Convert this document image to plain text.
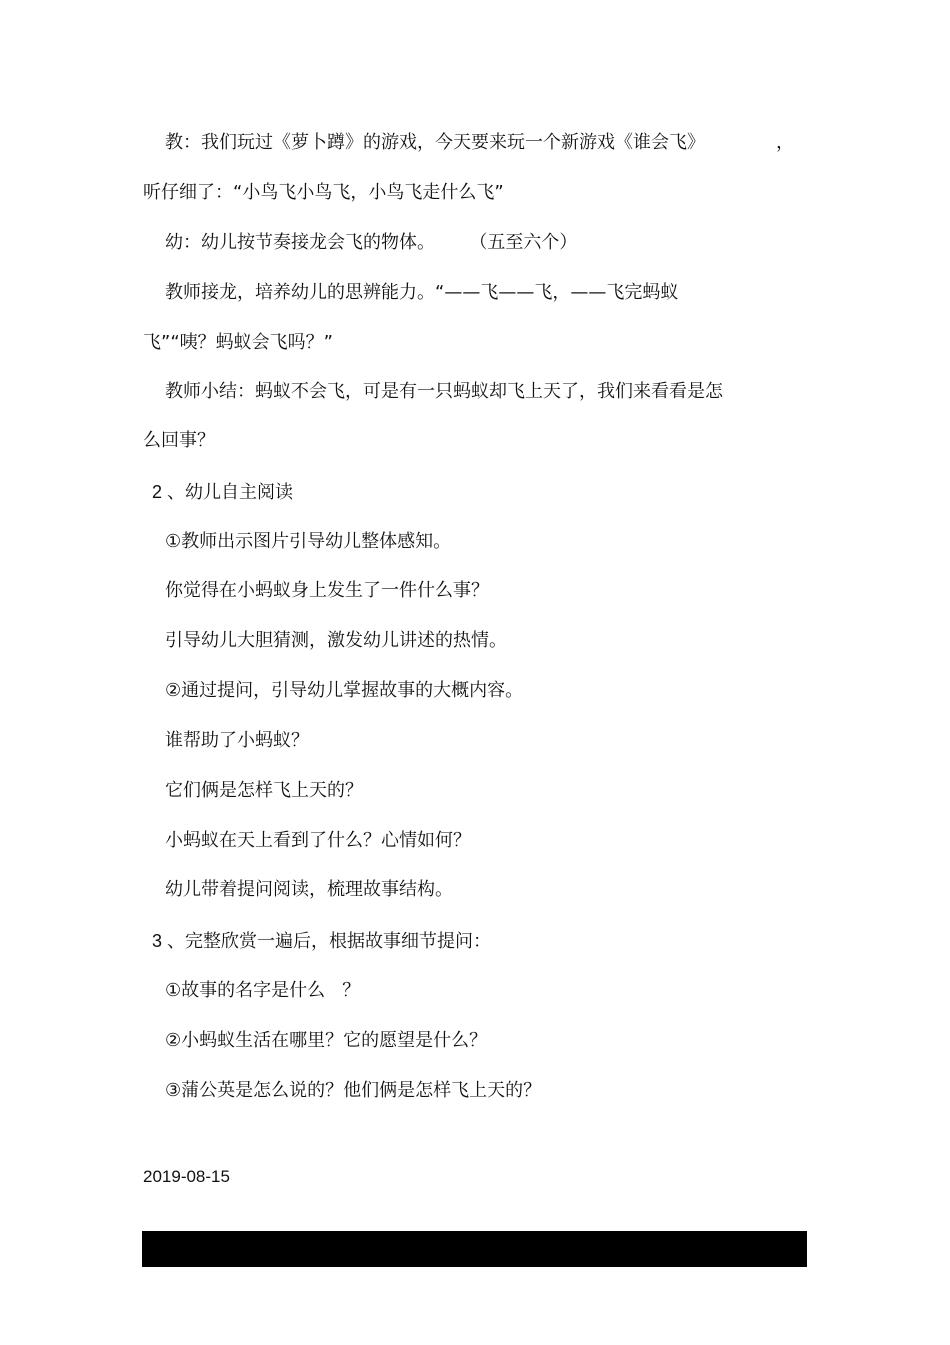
教：我们玩过《萝卜蹲》的游戏，今天要来玩一个新游戏《谁会飞》	，
听仔细了：“小鸟飞小鸟飞，小鸟飞走什么飞”
幼：幼儿按节奏接龙会飞的物体。      （五至六个）
教师接龙，培养幼儿的思辨能力。“——飞——飞，——飞完蚂蚁
飞”“咦？蚂蚁会飞吗？”
教师小结：蚂蚁不会飞，可是有一只蚂蚁却飞上天了，我们来看看是怎
么回事？
2 、幼儿自主阅读
①教师出示图片引导幼儿整体感知。
你觉得在小蚂蚁身上发生了一件什么事？
引导幼儿大胆猜测，激发幼儿讲述的热情。
②通过提问，引导幼儿掌握故事的大概内容。
谁帮助了小蚂蚁？
它们俩是怎样飞上天的？
小蚂蚁在天上看到了什么？心情如何？
幼儿带着提问阅读，梳理故事结构。
3 、完整欣赏一遍后，根据故事细节提问：
①故事的名字是什么   ？
②小蚂蚁生活在哪里？它的愿望是什么？
③蒲公英是怎么说的？他们俩是怎样飞上天的？
2019-08-15
